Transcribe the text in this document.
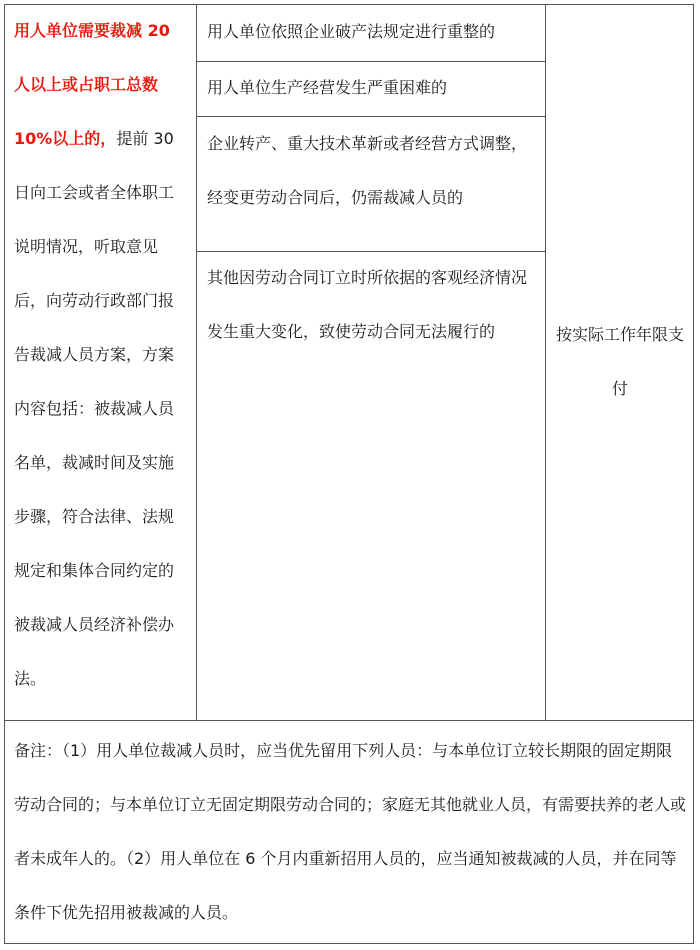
用人单位需要裁减 20 人以上或占职工总数 10%以上的，提前 30 日向工会或者全体职工说明情况，听取意见后，向劳动行政部门报告裁减人员方案，方案内容包括：被裁减人员名单，裁减时间及实施步骤，符合法律、法规规定和集体合同约定的被裁减人员经济补偿办法。

用人单位依照企业破产法规定进行重整的
用人单位生产经营发生严重困难的
企业转产、重大技术革新或者经营方式调整，经变更劳动合同后，仍需裁减人员的
其他因劳动合同订立时所依据的客观经济情况发生重大变化，致使劳动合同无法履行的	按实际工作年限支付
备注：（1）用人单位裁减人员时，应当优先留用下列人员：与本单位订立较长期限的固定期限劳动合同的；与本单位订立无固定期限劳动合同的；家庭无其他就业人员，有需要扶养的老人或者未成年人的。（2）用人单位在 6 个月内重新招用人员的，应当通知被裁减的人员，并在同等条件下优先招用被裁减的人员。
